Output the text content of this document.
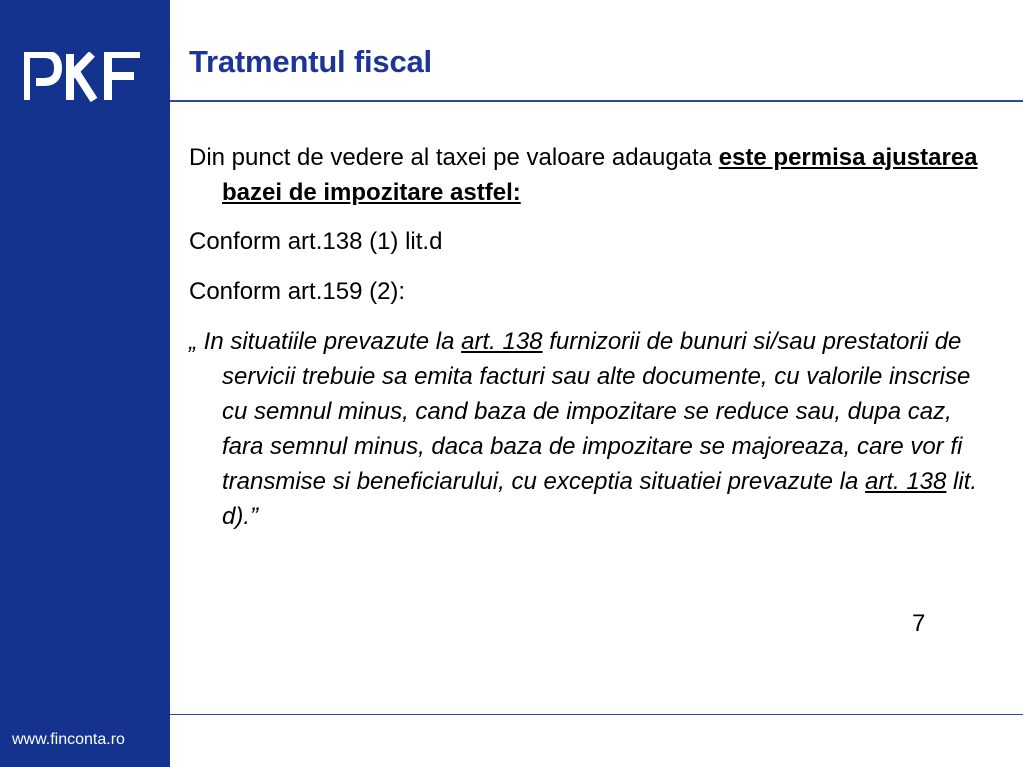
www.finconta.ro
Tratmentul fiscal

Din punct de vedere al taxei pe valoare adaugata este permisa ajustarea bazei de impozitare astfel:

Conform art.138 (1) lit.d

Conform art.159 (2):

„ In situatiile prevazute la art. 138 furnizorii de bunuri si/sau prestatorii de servicii trebuie sa emita facturi sau alte documente, cu valorile inscrise cu semnul minus, cand baza de impozitare se reduce sau, dupa caz, fara semnul minus, daca baza de impozitare se majoreaza, care vor fi transmise si beneficiarului, cu exceptia situatiei prevazute la art. 138 lit. d).”

7
